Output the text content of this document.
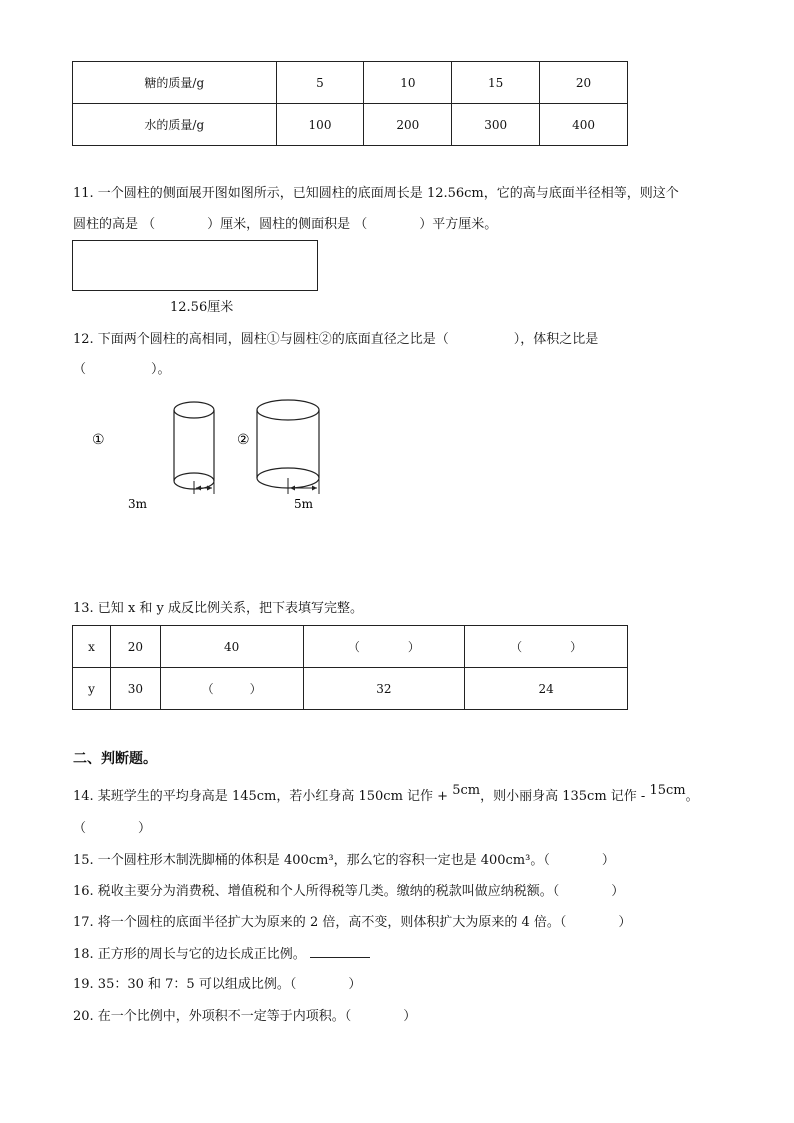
糖的质量/g	5	10	15	20
水的质量/g	100	200	300	400
11. 一个圆柱的侧面展开图如图所示，已知圆柱的底面周长是 12.56cm，它的高与底面半径相等，则这个
圆柱的高是 （　　　　）厘米，圆柱的侧面积是 （　　　　）平方厘米。
12.56厘米
12. 下面两个圆柱的高相同，圆柱①与圆柱②的底面直径之比是（　　　　　），体积之比是
（　　　　　）。
①
3m
②
5m
13. 已知 x 和 y 成反比例关系，把下表填写完整。
x	20	40	（　　　　）	（　　　　）
y	30	（　　　）	32	24
二、判断题。
14. 某班学生的平均身高是 145cm，若小红身高 150cm 记作 + 5cm，则小丽身高 135cm 记作 - 15cm。
（　　　　）
15. 一个圆柱形木制洗脚桶的体积是 400cm³，那么它的容积一定也是 400cm³。（　　　　）
16. 税收主要分为消费税、增值税和个人所得税等几类。缴纳的税款叫做应纳税额。（　　　　）
17. 将一个圆柱的底面半径扩大为原来的 2 倍，高不变，则体积扩大为原来的 4 倍。（　　　　）
18. 正方形的周长与它的边长成正比例。
19. 35：30 和 7：5 可以组成比例。（　　　　）
20. 在一个比例中，外项积不一定等于内项积。（　　　　）
